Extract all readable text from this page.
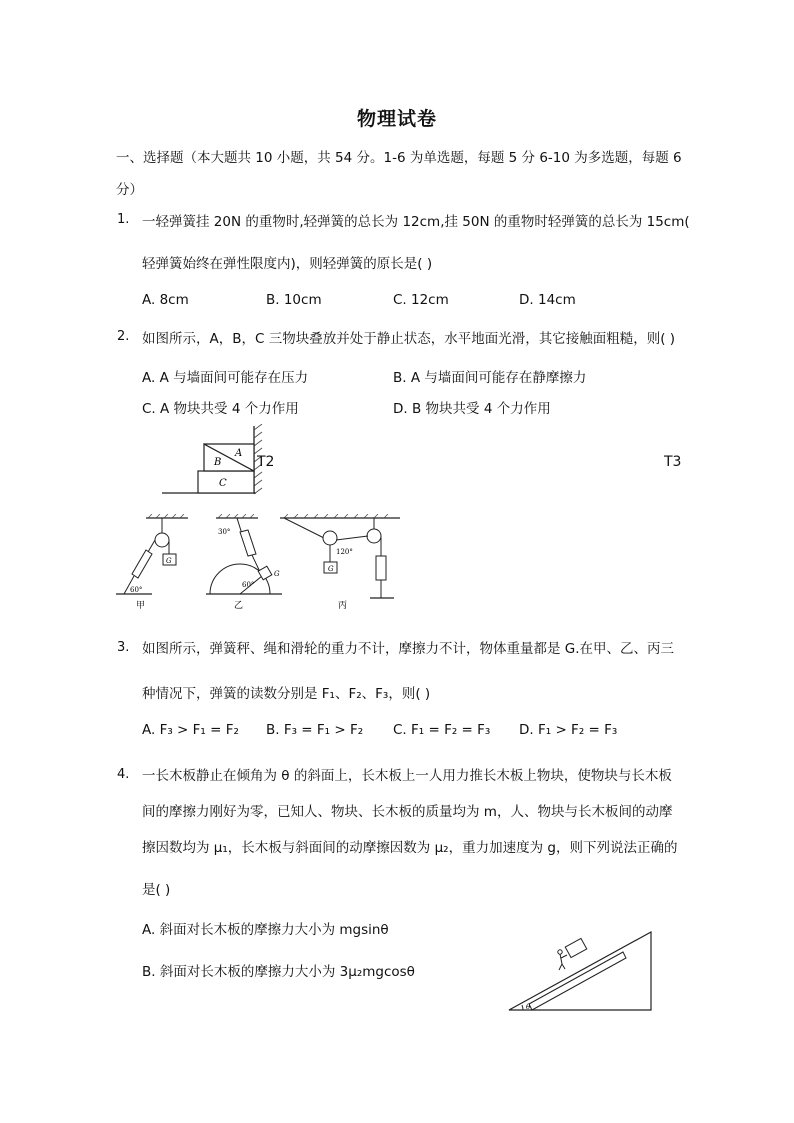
物理试卷
一、选择题（本大题共 10 小题，共 54 分。1-6 为单选题，每题 5 分 6-10 为多选题，每题 6
分）
1. 一轻弹簧挂 20N 的重物时,轻弹簧的总长为 12cm,挂 50N 的重物时轻弹簧的总长为 15cm(
轻弹簧始终在弹性限度内)，则轻弹簧的原长是( )
A. 8cm	B. 10cm	C. 12cm	D. 14cm
2. 如图所示，A，B，C 三物块叠放并处于静止状态，水平地面光滑，其它接触面粗糙，则( )
A. A 与墙面间可能存在压力	B. A 与墙面间可能存在静摩擦力
C. A 物块共受 4 个力作用	D. B 物块共受 4 个力作用
C
B
A
T2	T3
G
60°
甲
30°
G
60°
乙
G
120°
丙
3. 如图所示，弹簧秤、绳和滑轮的重力不计，摩擦力不计，物体重量都是 G.在甲、乙、丙三
种情况下，弹簧的读数分别是 F₁、F₂、F₃，则( )
A. F₃ > F₁ = F₂ B. F₃ = F₁ > F₂ C. F₁ = F₂ = F₃ D. F₁ > F₂ = F₃
4. 一长木板静止在倾角为 θ 的斜面上，长木板上一人用力推长木板上物块，使物块与长木板
间的摩擦力刚好为零，已知人、物块、长木板的质量均为 m，人、物块与长木板间的动摩
擦因数均为 μ₁，长木板与斜面间的动摩擦因数为 μ₂，重力加速度为 g，则下列说法正确的
是( )
A. 斜面对长木板的摩擦力大小为 mgsinθ
B. 斜面对长木板的摩擦力大小为 3μ₂mgcosθ
θ
